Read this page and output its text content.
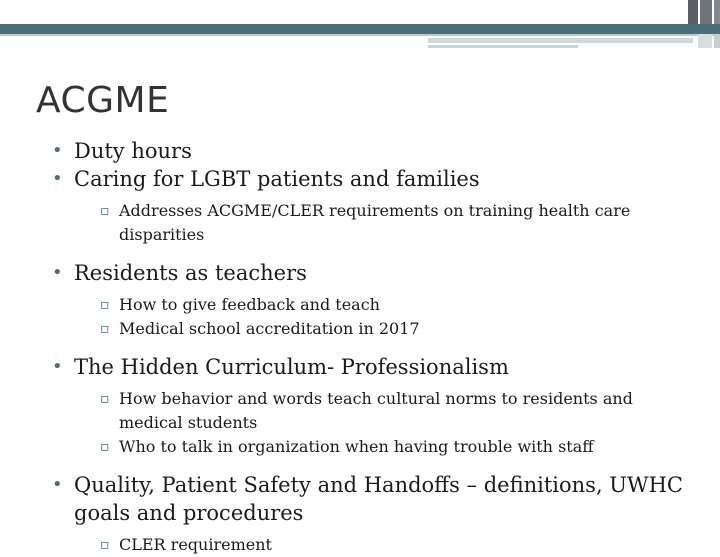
ACGME

• Duty hours

• Caring for LGBT patients and families

▫ Addresses ACGME/CLER requirements on training health care disparities

• Residents as teachers

▫ How to give feedback and teach

▫ Medical school accreditation in 2017

• The Hidden Curriculum- Professionalism

▫ How behavior and words teach cultural norms to residents and medical students

▫ Who to talk in organization when having trouble with staff

• Quality, Patient Safety and Handoffs – definitions, UWHC goals and procedures

▫ CLER requirement
